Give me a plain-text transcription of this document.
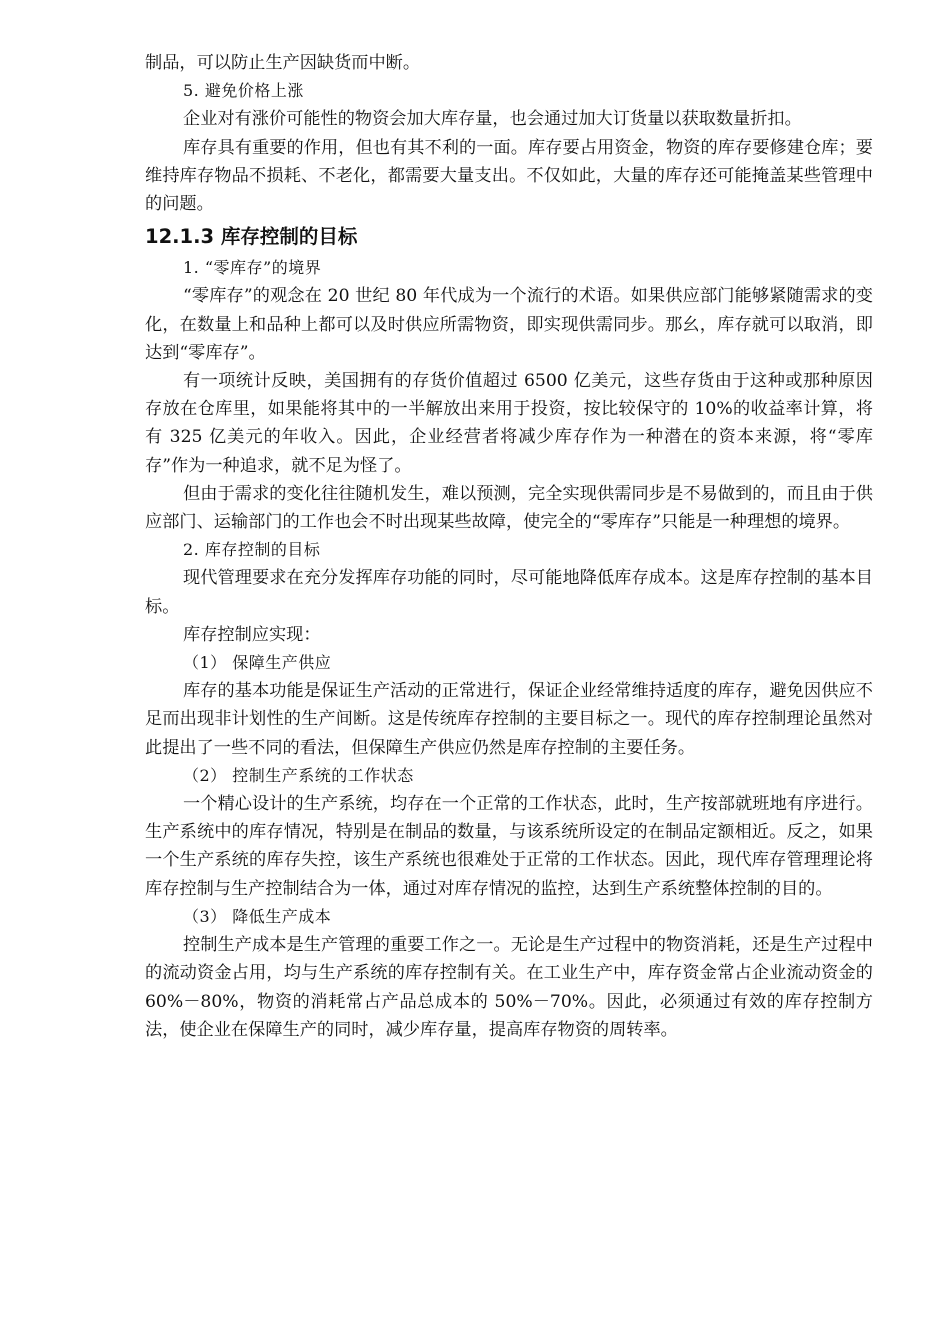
制品，可以防止生产因缺货而中断。

5. 避免价格上涨

企业对有涨价可能性的物资会加大库存量，也会通过加大订货量以获取数量折扣。

库存具有重要的作用，但也有其不利的一面。库存要占用资金，物资的库存要修建仓库；要维持库存物品不损耗、不老化，都需要大量支出。不仅如此，大量的库存还可能掩盖某些管理中的问题。

12.1.3 库存控制的目标

1. “零库存”的境界

“零库存”的观念在 20 世纪 80 年代成为一个流行的术语。如果供应部门能够紧随需求的变化，在数量上和品种上都可以及时供应所需物资，即实现供需同步。那幺，库存就可以取消，即达到“零库存”。

有一项统计反映，美国拥有的存货价值超过 6500 亿美元，这些存货由于这种或那种原因存放在仓库里，如果能将其中的一半解放出来用于投资，按比较保守的 10%的收益率计算，将有 325 亿美元的年收入。因此，企业经营者将减少库存作为一种潜在的资本来源，将“零库存”作为一种追求，就不足为怪了。

但由于需求的变化往往随机发生，难以预测，完全实现供需同步是不易做到的，而且由于供应部门、运输部门的工作也会不时出现某些故障，使完全的“零库存”只能是一种理想的境界。

2. 库存控制的目标

现代管理要求在充分发挥库存功能的同时，尽可能地降低库存成本。这是库存控制的基本目标。

库存控制应实现：

（1） 保障生产供应

库存的基本功能是保证生产活动的正常进行，保证企业经常维持适度的库存，避免因供应不足而出现非计划性的生产间断。这是传统库存控制的主要目标之一。现代的库存控制理论虽然对此提出了一些不同的看法，但保障生产供应仍然是库存控制的主要任务。

（2） 控制生产系统的工作状态

一个精心设计的生产系统，均存在一个正常的工作状态，此时，生产按部就班地有序进行。生产系统中的库存情况，特别是在制品的数量，与该系统所设定的在制品定额相近。反之，如果一个生产系统的库存失控，该生产系统也很难处于正常的工作状态。因此，现代库存管理理论将库存控制与生产控制结合为一体，通过对库存情况的监控，达到生产系统整体控制的目的。

（3） 降低生产成本

控制生产成本是生产管理的重要工作之一。无论是生产过程中的物资消耗，还是生产过程中的流动资金占用，均与生产系统的库存控制有关。在工业生产中，库存资金常占企业流动资金的 60%－80%，物资的消耗常占产品总成本的 50%－70%。因此，必须通过有效的库存控制方法，使企业在保障生产的同时，减少库存量，提高库存物资的周转率。
